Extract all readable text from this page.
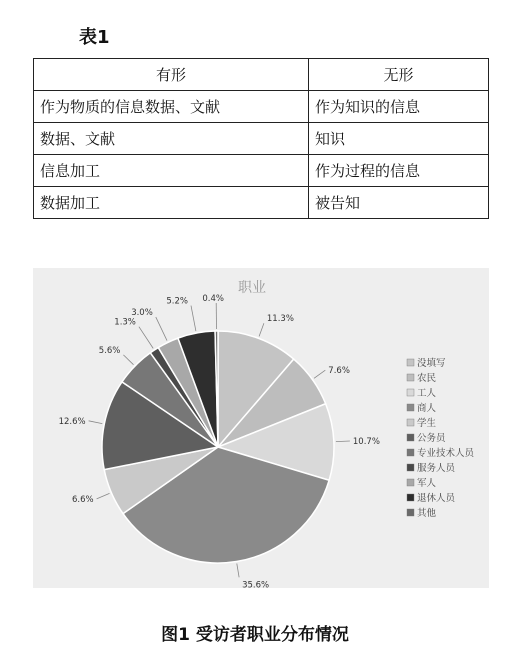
表1
有形	无形
作为物质的信息数据、文献	作为知识的信息
数据、文献	知识
信息加工	作为过程的信息
数据加工	被告知
职业
11.3%
7.6%
10.7%
35.6%
6.6%
12.6%
5.6%
1.3%
3.0%
5.2% 0.4%
没填写
农民
工人
商人
学生
公务员
专业技术人员
服务人员
军人
退休人员
其他
图1 受访者职业分布情况
